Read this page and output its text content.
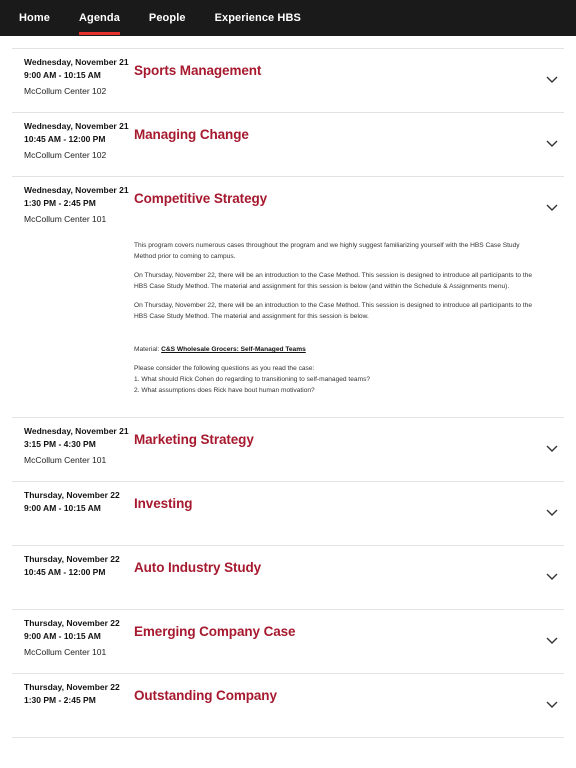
Home	Agenda	People	Experience HBS
Wednesday, November 21
9:00 AM - 10:15 AM
McCollum Center 102
Sports Management
Wednesday, November 21
10:45 AM - 12:00 PM
McCollum Center 102
Managing Change
Wednesday, November 21
1:30 PM - 2:45 PM
McCollum Center 101
Competitive Strategy

This program covers numerous cases throughout the program and we highly suggest familiarizing yourself with the HBS Case Study Method prior to coming to campus.

On Thursday, November 22, there will be an introduction to the Case Method. This session is designed to introduce all participants to the HBS Case Study Method. The material and assignment for this session is below (and within the Schedule & Assignments menu).

On Thursday, November 22, there will be an introduction to the Case Method. This session is designed to introduce all participants to the HBS Case Study Method. The material and assignment for this session is below.

Material: C&S Wholesale Grocers: Self-Managed Teams

Please consider the following questions as you read the case:
1. What should Rick Cohen do regarding to transitioning to self-managed teams?
2. What assumptions does Rick have bout human motivation?

Wednesday, November 21
3:15 PM - 4:30 PM
McCollum Center 101
Marketing Strategy
Thursday, November 22
9:00 AM - 10:15 AM Investing
Thursday, November 22
10:45 AM - 12:00 PM Auto Industry Study
Thursday, November 22
9:00 AM - 10:15 AM
McCollum Center 101
Emerging Company Case
Thursday, November 22
1:30 PM - 2:45 PM	Outstanding Company
